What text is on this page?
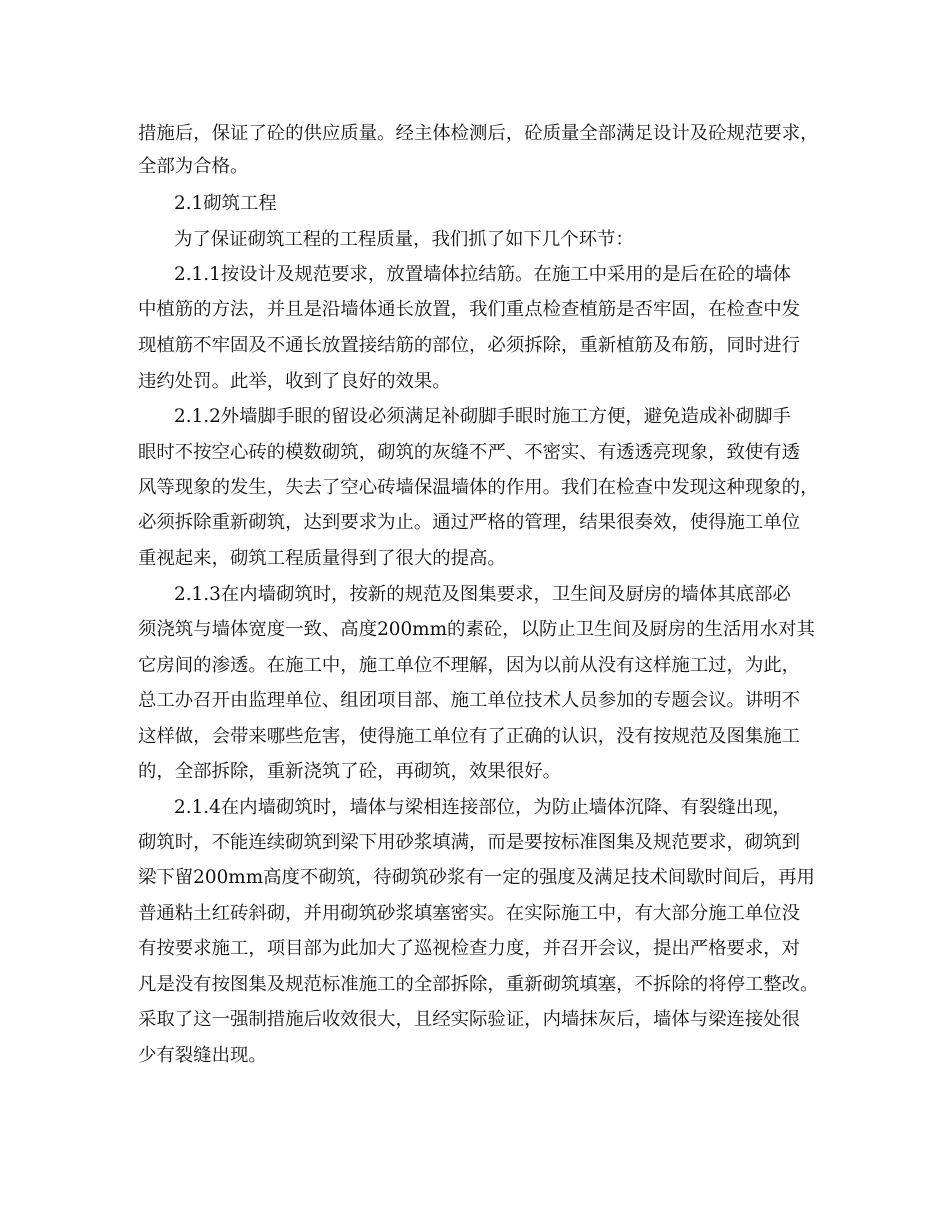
措施后，保证了砼的供应质量。经主体检测后，砼质量全部满足设计及砼规范要求，
全部为合格。
2.1砌筑工程
为了保证砌筑工程的工程质量，我们抓了如下几个环节：
2.1.1按设计及规范要求，放置墙体拉结筋。在施工中采用的是后在砼的墙体
中植筋的方法，并且是沿墙体通长放置，我们重点检查植筋是否牢固，在检查中发
现植筋不牢固及不通长放置接结筋的部位，必须拆除，重新植筋及布筋，同时进行
违约处罚。此举，收到了良好的效果。
2.1.2外墙脚手眼的留设必须满足补砌脚手眼时施工方便，避免造成补砌脚手
眼时不按空心砖的模数砌筑，砌筑的灰缝不严、不密实、有透透亮现象，致使有透
风等现象的发生，失去了空心砖墙保温墙体的作用。我们在检查中发现这种现象的，
必须拆除重新砌筑，达到要求为止。通过严格的管理，结果很奏效，使得施工单位
重视起来，砌筑工程质量得到了很大的提高。
2.1.3在内墙砌筑时，按新的规范及图集要求，卫生间及厨房的墙体其底部必
须浇筑与墙体宽度一致、高度200mm的素砼，以防止卫生间及厨房的生活用水对其
它房间的渗透。在施工中，施工单位不理解，因为以前从没有这样施工过，为此，
总工办召开由监理单位、组团项目部、施工单位技术人员参加的专题会议。讲明不
这样做，会带来哪些危害，使得施工单位有了正确的认识，没有按规范及图集施工
的，全部拆除，重新浇筑了砼，再砌筑，效果很好。
2.1.4在内墙砌筑时，墙体与梁相连接部位，为防止墙体沉降、有裂缝出现，
砌筑时，不能连续砌筑到梁下用砂浆填满，而是要按标准图集及规范要求，砌筑到
梁下留200mm高度不砌筑，待砌筑砂浆有一定的强度及满足技术间歇时间后，再用
普通粘土红砖斜砌，并用砌筑砂浆填塞密实。在实际施工中，有大部分施工单位没
有按要求施工，项目部为此加大了巡视检查力度，并召开会议，提出严格要求，对
凡是没有按图集及规范标准施工的全部拆除，重新砌筑填塞，不拆除的将停工整改。
采取了这一强制措施后收效很大，且经实际验证，内墙抹灰后，墙体与梁连接处很
少有裂缝出现。
